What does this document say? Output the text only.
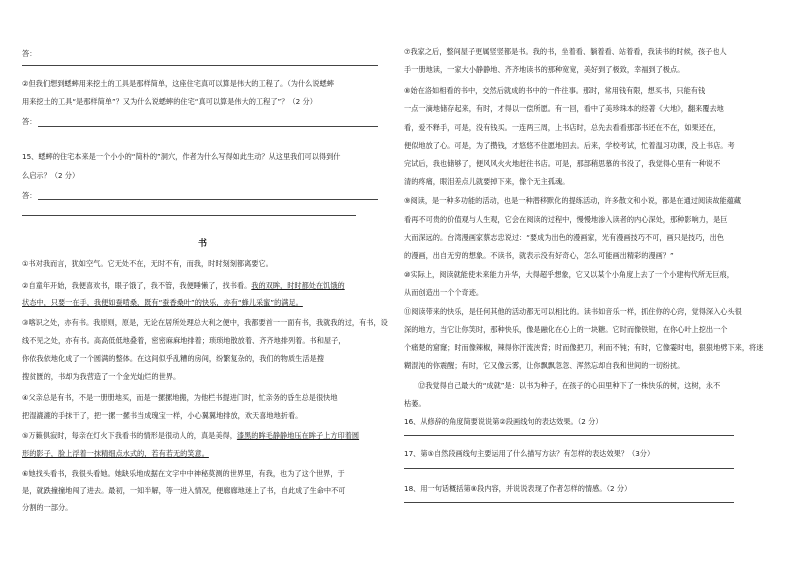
答：
②但我们想到蟋蟀用来挖土的工具是那样简单，这座住宅真可以算是伟大的工程了。（为什么说蟋蟀
用来挖土的工具“是那样简单”？又为什么说蟋蟀的住宅“真可以算是伟大的工程了”？（2 分）
答：
15、蟋蟀的住宅本来是一个小小的“简朴的”洞穴，作者为什么写得如此生动？从这里我们可以得到什
么启示？（2 分）
答：
书
①书对我而言，犹如空气。它无处不在，无时不有，而我，时时刻刻都离要它。
②自童年开始，我便喜欢书，眼子饿了，我不管，我便睡懒了，找书看。我的双眸，时时都处在饥饿的
状态中，只要一在手，我便如蚕啃桑，既有“蚕香桑叶”的快乐，亦有“蜂儿采蜜”的满足。
③喀识之处，亦有书。我原则，原是，无论在居所处理总大利之便中，我都要首一一面有书，我就我的过，有书，设
线不见之处，亦有书。高高低低地叠着，密密麻麻地排着；琐琐地散放着、齐齐地排列着。书和屋子，
你依我依地化成了一个圆满的整体。在这间似乎乱糟的房间，纷繁复杂的，我们的物质生活是搜
搜贫匮的，书却为我营造了一个金光灿烂的世界。
④父亲总是有书，不是一册册地买，而是一摞摞地搬，为他栏书提进门时，忙亲务的昏生总是很快地
把湿漉漉的手抹干了，把一摞一摞书当成瑰宝一样，小心翼翼地排放，欢天喜地地折看。
⑤万籁俱寂时，每亲在灯火下我看书的情形是很动人的，真是美得，漆黑的眸毛静静地压在眸子上方印着圆
形的影子，脸上浮着一抹精细点水式的，若有若无的笑意。
⑥她找头看书，我很头看她。她缺乐地成据在文字中中神秘莫测的世界里，有我，也为了这个世界，于
是，就跌撞撞地闯了进去。最初，一知半解，等一进入情况，便廊廊地迷上了书，自此成了生命中不可
分割的一部分。
⑦我家之后，整间屋子更属竖竖都是书。我的书，坐着看、躺着看、站着看，我读书的时候，孩子也人
手一册地读，一家大小静静地、齐齐地读书的那种宽宽，美好到了极致，幸福到了极点。
⑧始在洛如相看的书中，交然后就成的书中的一件往事。那时，常用钱有限，想买书，只能有钱
一点一滴地储存起来，有时，才得以一偿所愿。有一回，看中了美珍珠本的经著《大地》，翻来覆去地
看，爱不释手，可是，没有钱买。一连两三周，上书店时，总先去看看那部书还在不在，如果还在，
便似地放了心。可是，为了攒钱，才悠悠不住愿地回去。后来，学校考试，忙着温习功课，没上书店。考
完试后，我也储够了，便风风火火地赶往书店。可是，那部稍思慕的书没了，我觉得心里有一种说不
清的疼痛，眼泪差点儿就要掉下来，像个无主孤魂。
⑨阅读，是一种多功能的活动，也是一种潜移默化的提练活动，许多散文和小说，都是在通过阅读故能蕴藏
看再不可贵的价值观与人生观，它会在阅读的过程中，慢慢地渗入读者的内心深处，那种影响力，是巨
大而深远的。台湾漫画家蔡志忠说过：“要成为出色的漫画家，光有漫画技巧不可，画只是技巧，出色
的漫画，出自无穷的想象。不读书，就表示没有好奇心，怎么可能画出精彩的漫画？”
⑩实际上，阅读就能使未来能力升华，大得超乎想象，它又以某个小角度上去了一个小建构代所无巨痕，
从而创造出一个个奇迹。
⑪阅读带来的快乐，是任何其他的活动都无可以相比的。读书如音乐一样，抓住你的心窍，觉得深入心头很
深的地方，当它让你笑时，那种快乐，像是融化在心上的一块糖。它时而像铁钳，在你心叶上挖出一个
个痛楚的窟窿；时而像辣椒，辣得你汗流浃背；时而像把刀，利而不钝；有时，它像霎时电，狠狠地劈下来，将迷
糊混沌的你震醒；有时，它又像云雾，让你飘飘忽忽、浑然忘却自我和世间的一切纷扰。
⑫我觉得自己最大的“成就”是：以书为种子，在孩子的心田里种下了一株快乐的树，这树，永不
枯萎。
16、从修辞的角度简要说说第②段画线句的表达效果。（2 分）
17、第⑤自然段画线句主要运用了什么描写方法？有怎样的表达效果？（3分）
18、用一句话概括第⑧段内容，并说说表现了作者怎样的情感。（2 分）
